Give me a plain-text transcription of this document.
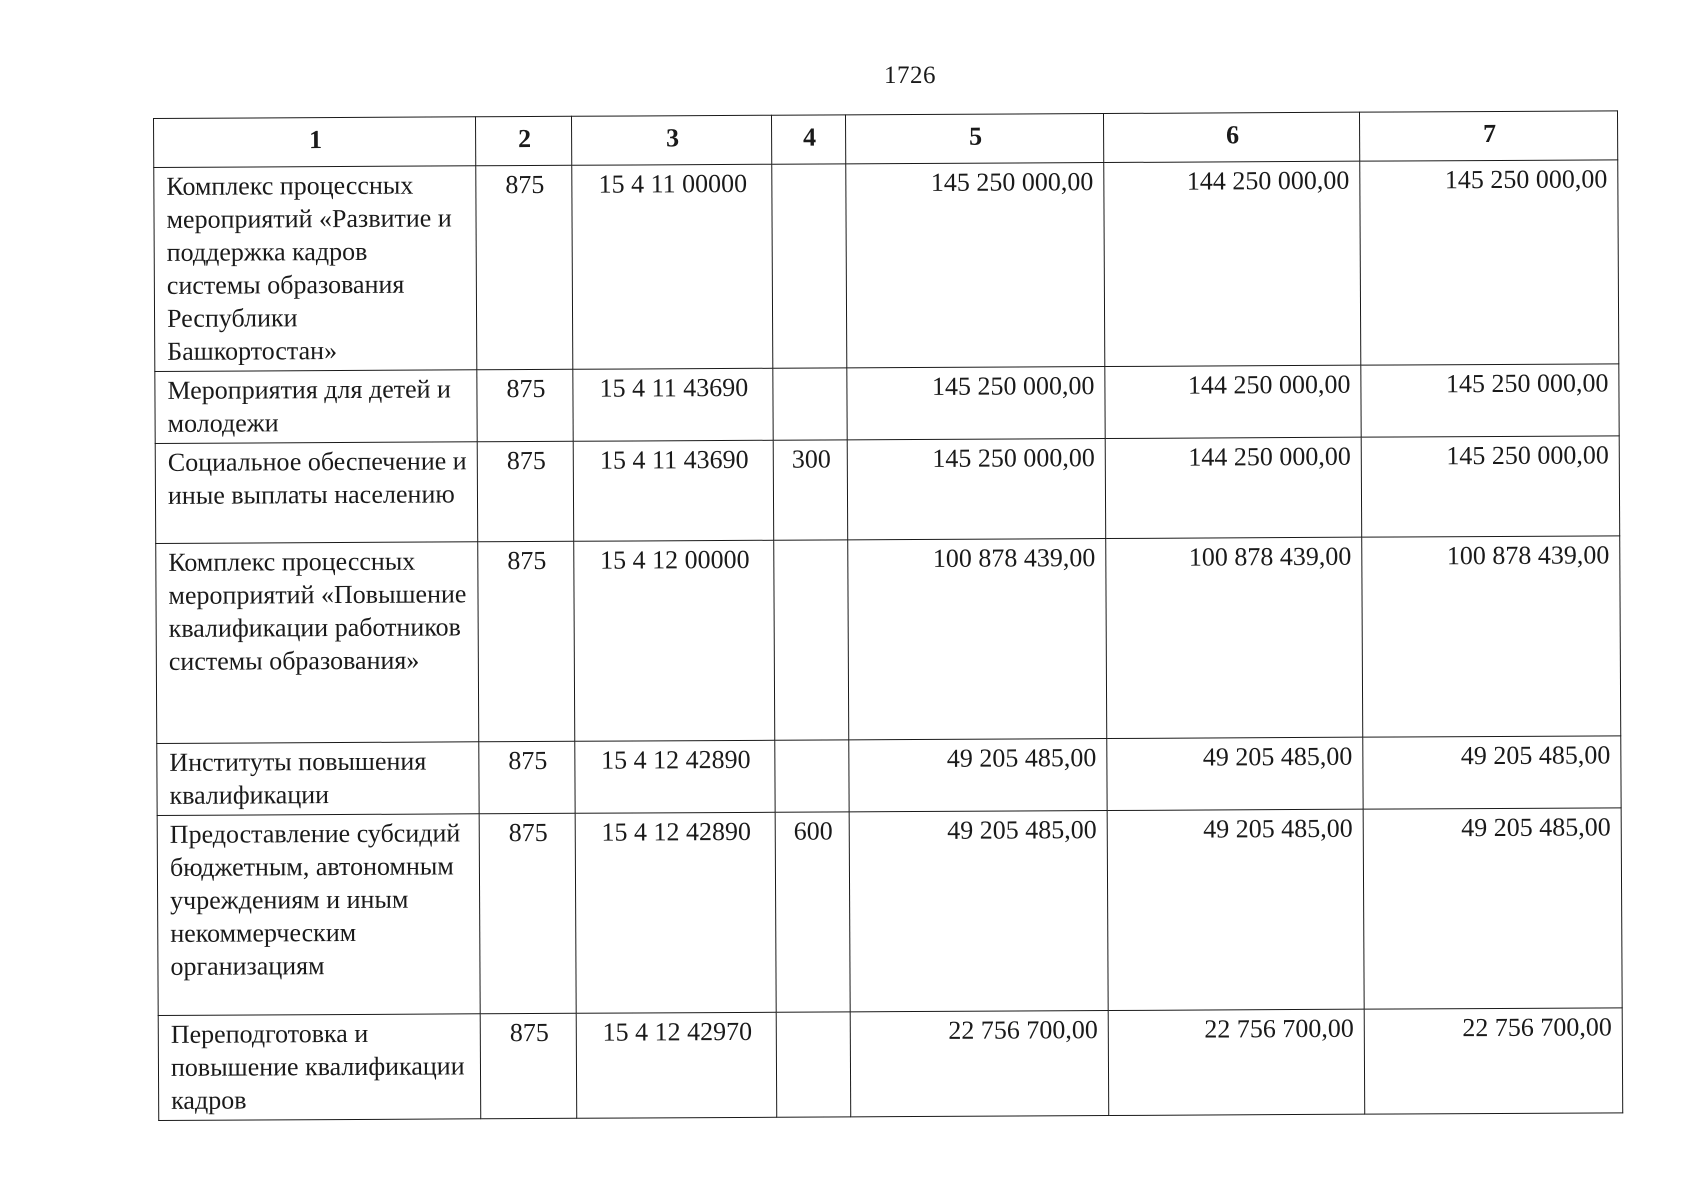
1726
1	2	3	4	5	6	7
Комплекс процессных мероприятий «Развитие и поддержка кадров системы образования Республики Башкортостан»	875	15 4 11 00000		145 250 000,00	144 250 000,00	145 250 000,00
Мероприятия для детей и молодежи	875	15 4 11 43690		145 250 000,00	144 250 000,00	145 250 000,00
Социальное обеспечение и иные выплаты населению	875	15 4 11 43690	300	145 250 000,00	144 250 000,00	145 250 000,00
Комплекс процессных мероприятий «Повышение квалификации работников системы образования»	875	15 4 12 00000		100 878 439,00	100 878 439,00	100 878 439,00
Институты повышения квалификации	875	15 4 12 42890		49 205 485,00	49 205 485,00	49 205 485,00
Предоставление субсидий бюджетным, автономным учреждениям и иным некоммерческим организациям	875	15 4 12 42890	600	49 205 485,00	49 205 485,00	49 205 485,00
Переподготовка и повышение квалификации кадров	875	15 4 12 42970		22 756 700,00	22 756 700,00	22 756 700,00
